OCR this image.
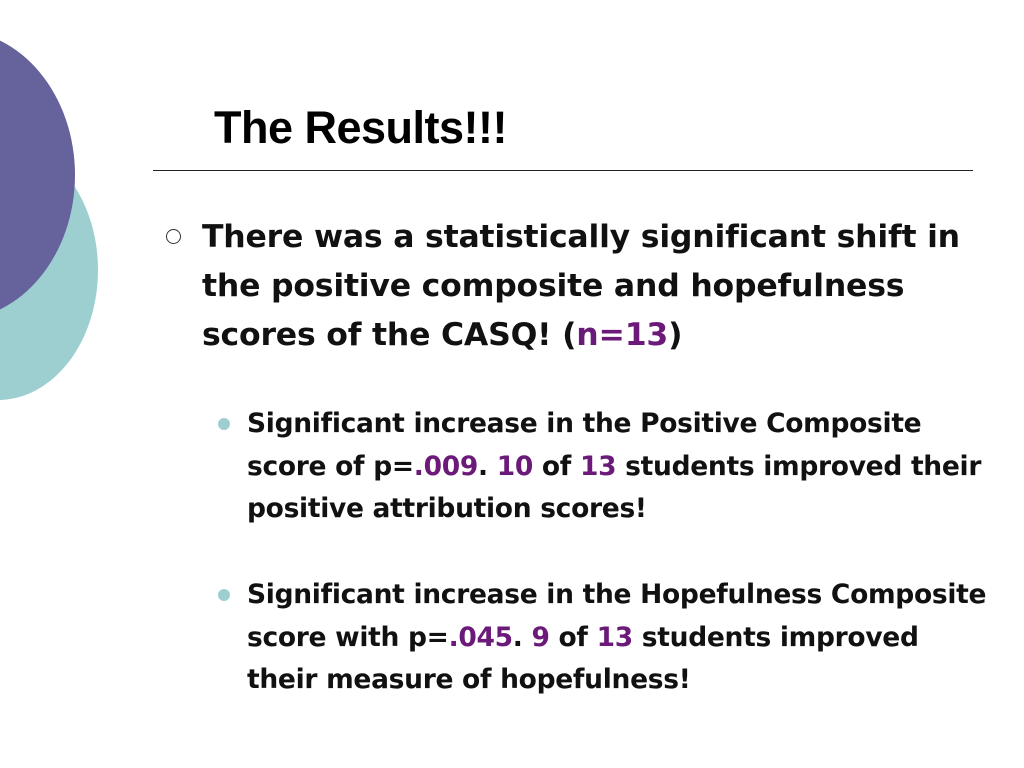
The Results!!!

There was a statistically significant shift in the positive composite and hopefulness scores of the CASQ! (n=13)

Significant increase in the Positive Composite score of p=.009. 10 of 13 students improved their positive attribution scores!

Significant increase in the Hopefulness Composite score with p=.045. 9 of 13 students improved their measure of hopefulness!
